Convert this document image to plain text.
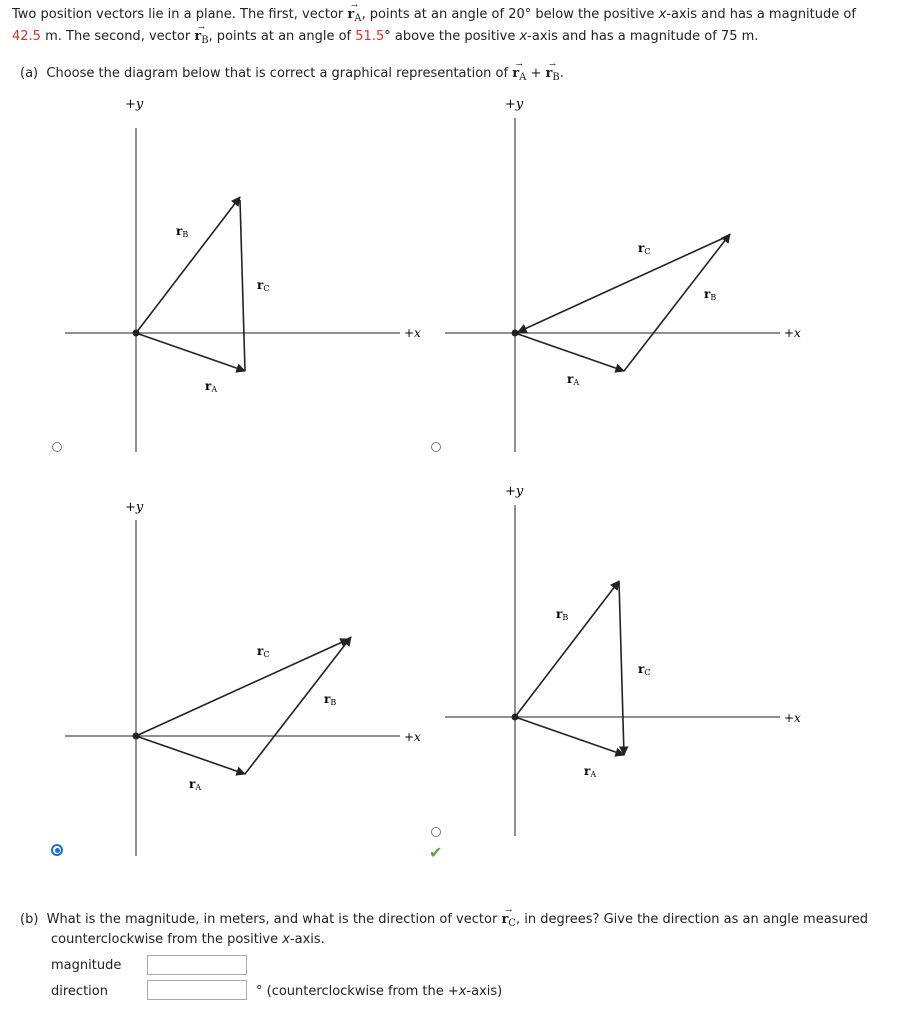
Two position vectors lie in a plane. The first, vector → $r_A$, points at an angle of 20° below the positive x-axis and has a magnitude of
42.5 m. The second, vector → $r_B$, points at an angle of 51.5° above the positive x-axis and has a magnitude of 75 m.
(a) Choose the diagram below that is correct a graphical representation of → $r_A$ + → $r_B$.
+y
+x
rB
rC
rA
+y
+x
rC
rB
rA
+y
+x
rC
rB
rA
+y
+x
rB
rC
rA
✔
(b) What is the magnitude, in meters, and what is the direction of vector → $r_C$, in degrees? Give the direction as an angle measured
counterclockwise from the positive x-axis.
magnitude
direction	° (counterclockwise from the +x-axis)
